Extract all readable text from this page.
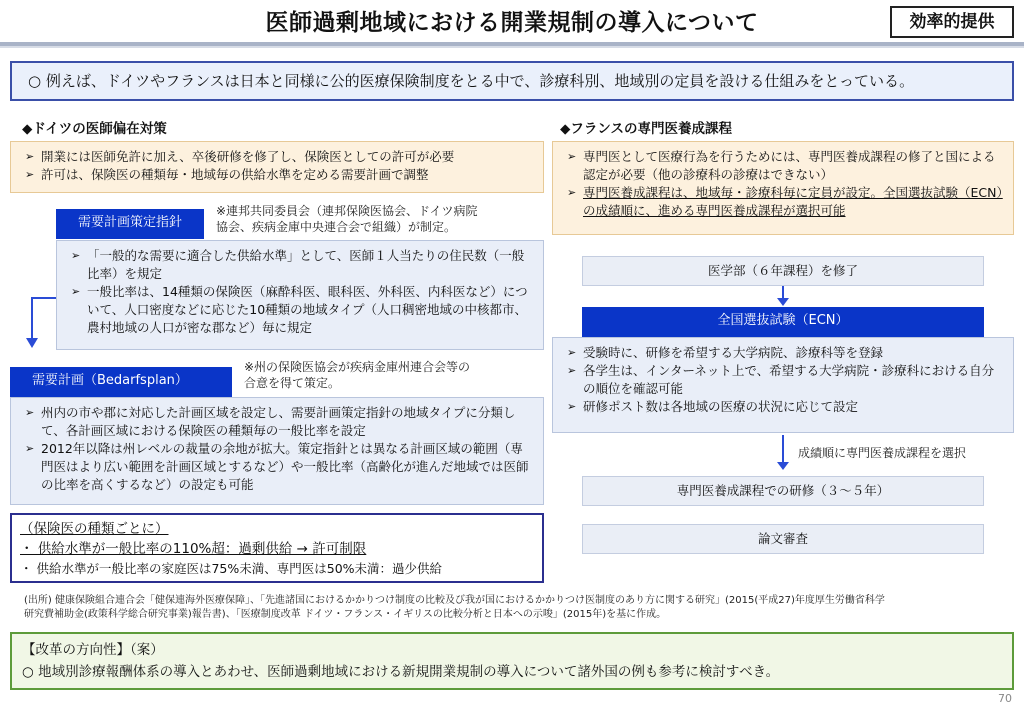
医師過剰地域における開業規制の導入について	効率的提供
○ 例えば、ドイツやフランスは日本と同様に公的医療保険制度をとる中で、診療科別、地域別の定員を設ける仕組みをとっている。
◆ドイツの医師偏在対策
➢ 開業には医師免許に加え、卒後研修を修了し、保険医としての許可が必要
➢ 許可は、保険医の種類毎・地域毎の供給水準を定める需要計画で調整
需要計画策定指針
※連邦共同委員会（連邦保険医協会、ドイツ病院
協会、疾病金庫中央連合会で組織）が制定。
➢ 「一般的な需要に適合した供給水準」として、医師１人当たりの住民数（一般比率）を規定
➢ 一般比率は、14種類の保険医（麻酔科医、眼科医、外科医、内科医など）について、人口密度などに応じた10種類の地域タイプ（人口稠密地域の中核都市、農村地域の人口が密な郡など）毎に規定
需要計画（Bedarfsplan）
※州の保険医協会が疾病金庫州連合会等の
合意を得て策定。
➢ 州内の市や郡に対応した計画区域を設定し、需要計画策定指針の地域タイプに分類して、各計画区域における保険医の種類毎の一般比率を設定
➢ 2012年以降は州レベルの裁量の余地が拡大。策定指針とは異なる計画区域の範囲（専門医はより広い範囲を計画区域とするなど）や一般比率（高齢化が進んだ地域では医師の比率を高くするなど）の設定も可能
（保険医の種類ごとに）
・ 供給水準が一般比率の110%超：過剰供給 → 許可制限
・ 供給水準が一般比率の家庭医は75%未満、専門医は50%未満：過少供給
◆フランスの専門医養成課程
➢ 専門医として医療行為を行うためには、専門医養成課程の修了と国による認定が必要（他の診療科の診療はできない）
➢ 専門医養成課程は、地域毎・診療科毎に定員が設定。全国選抜試験（ECN）の成績順に、進める専門医養成課程が選択可能
医学部（６年課程）を修了
全国選抜試験（ECN）
➢ 受験時に、研修を希望する大学病院、診療科等を登録
➢ 各学生は、インターネット上で、希望する大学病院・診療科における自分の順位を確認可能
➢ 研修ポスト数は各地域の医療の状況に応じて設定
成績順に専門医養成課程を選択
専門医養成課程での研修（３～５年）
論文審査
(出所) 健康保険組合連合会「健保連海外医療保障」、「先進諸国におけるかかりつけ制度の比較及び我が国におけるかかりつけ医制度のあり方に関する研究」(2015(平成27)年度厚生労働省科学
研究費補助金(政策科学総合研究事業)報告書)、「医療制度改革 ドイツ・フランス・イギリスの比較分析と日本への示唆」(2015年)を基に作成。
【改革の方向性】（案）
○ 地域別診療報酬体系の導入とあわせ、医師過剰地域における新規開業規制の導入について諸外国の例も参考に検討すべき。
70
